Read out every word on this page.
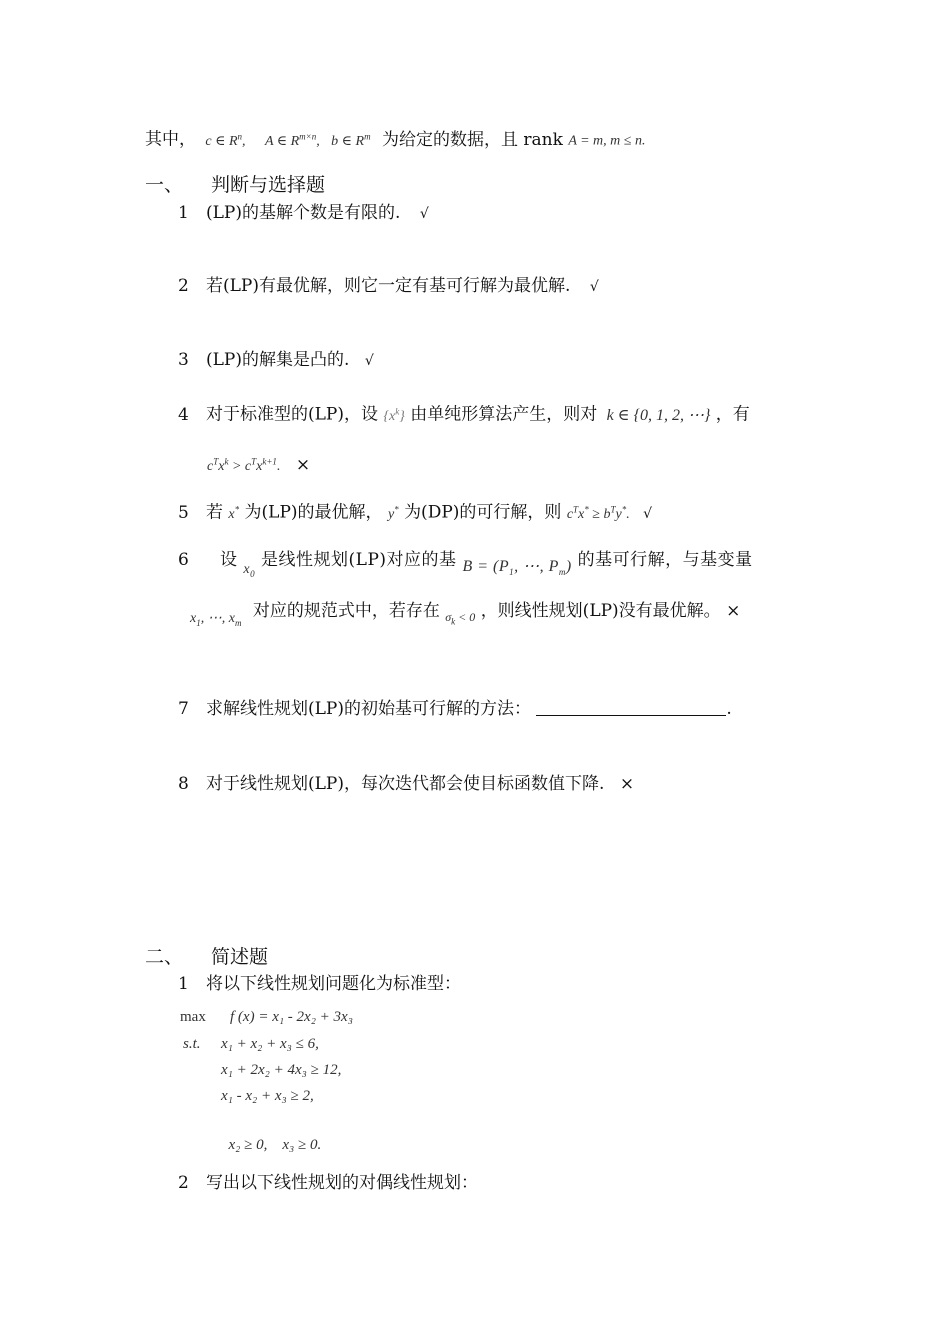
其中， c ∈ $R^n$, A ∈ $R^{m\times n}$, b ∈ $R^m$ 为给定的数据，且 rank A = m, m ≤ n.
一、 判断与选择题
1 (LP)的基解个数是有限的. √
2 若(LP)有最优解，则它一定有基可行解为最优解. √
3 (LP)的解集是凸的. √
4 对于标准型的(LP)，设 $\{x^k\}$ 由单纯形算法产生，则对 k ∈ {0, 1, 2, ⋯} ，有
$c^Tx^k > c^Tx^{k+1}$. ×
5 若 x* 为(LP)的最优解， y* 为(DP)的可行解，则 $c^Tx^* \ge b^Ty^*$. √
6 设 $_{x_0}$ 是线性规划(LP)对应的基 $B = (P_1$, ⋯, $P_m$) 的基可行解，与基变量
$_{x_1, \cdots, x_m}$ 对应的规范式中，若存在 $_{\sigma_k < 0}$ ，则线性规划(LP)没有最优解。 ×
7 求解线性规划(LP)的初始基可行解的方法：	.
8 对于线性规划(LP)，每次迭代都会使目标函数值下降. ×
二、 简述题
1 将以下线性规划问题化为标准型：
max f (x) = x₁ - 2x₂ + 3x₃
s.t. x₁ + x₂ + x₃ ≤ 6,
x₁ + 2x₂ + 4x₃ ≥ 12,
x₁ - x₂ + x₃ ≥ 2,

x₂ ≥ 0,    x₃ ≥ 0.

2 写出以下线性规划的对偶线性规划：
